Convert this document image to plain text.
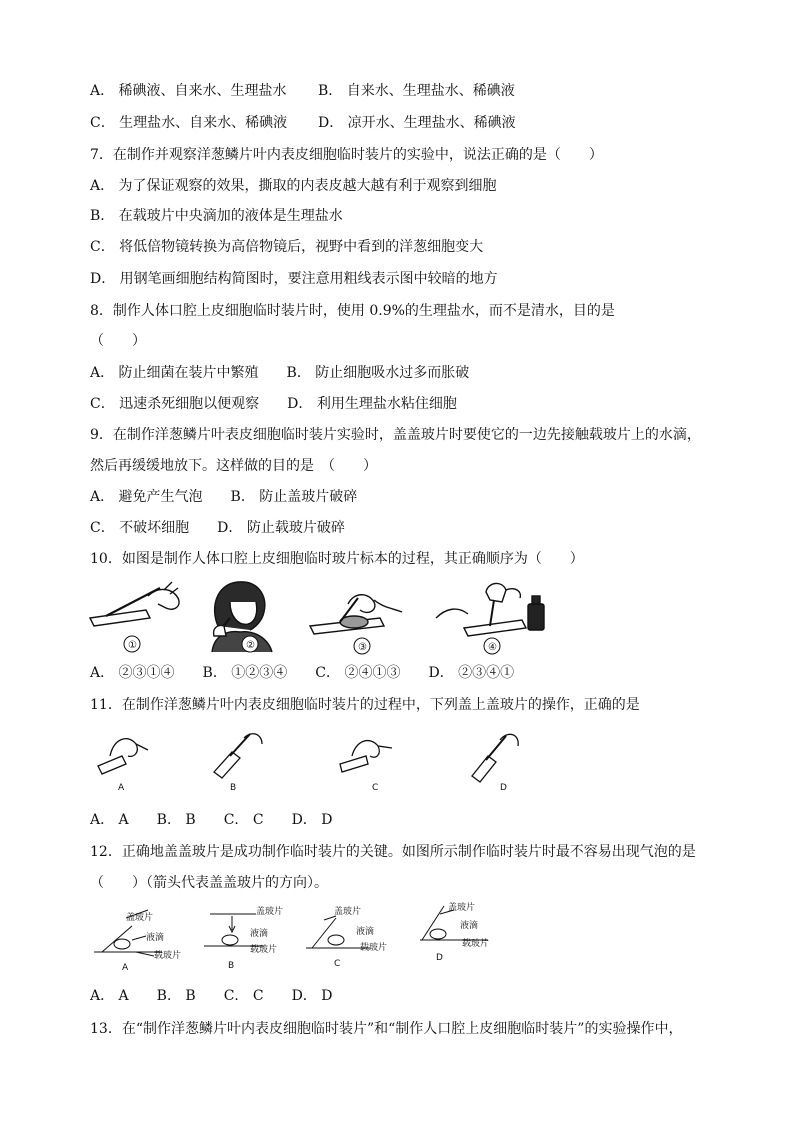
A． 稀碘液、自来水、生理盐水 B． 自来水、生理盐水、稀碘液
C． 生理盐水、自来水、稀碘液 D． 凉开水、生理盐水、稀碘液
7．在制作并观察洋葱鳞片叶内表皮细胞临时装片的实验中，说法正确的是（　　）
A． 为了保证观察的效果，撕取的内表皮越大越有利于观察到细胞
B． 在载玻片中央滴加的液体是生理盐水
C． 将低倍物镜转换为高倍物镜后，视野中看到的洋葱细胞变大
D． 用钢笔画细胞结构简图时，要注意用粗线表示图中较暗的地方
8．制作人体口腔上皮细胞临时装片时，使用 0.9%的生理盐水，而不是清水，目的是
（　　）
A． 防止细菌在装片中繁殖　　B． 防止细胞吸水过多而胀破
C． 迅速杀死细胞以便观察　　D． 利用生理盐水粘住细胞
9．在制作洋葱鳞片叶表皮细胞临时装片实验时，盖盖玻片时要使它的一边先接触载玻片上的水滴，
然后再缓缓地放下。这样做的目的是　（　　）
A． 避免产生气泡　　B． 防止盖玻片破碎
C． 不破坏细胞　　D． 防止载玻片破碎
10．如图是制作人体口腔上皮细胞临时玻片标本的过程，其正确顺序为（　　）
①	②	③	④
A． ②③①④　　B． ①②③④　　C． ②④①③　　D． ②③④①
11．在制作洋葱鳞片叶内表皮细胞临时装片的过程中，下列盖上盖玻片的操作，正确的是
A	B	C	D
A． A　　B． B　　C． C　　D． D
12．正确地盖盖玻片是成功制作临时装片的关键。如图所示制作临时装片时最不容易出现气泡的是
（　　）（箭头代表盖盖玻片的方向）。
盖玻片
液滴
载玻片
A
盖玻片
液滴
载玻片
B
盖玻片
液滴
载玻片
C
盖玻片
液滴
载玻片
D
A． A　　B． B　　C． C　　D． D
13．在“制作洋葱鳞片叶内表皮细胞临时装片”和“制作人口腔上皮细胞临时装片”的实验操作中，
